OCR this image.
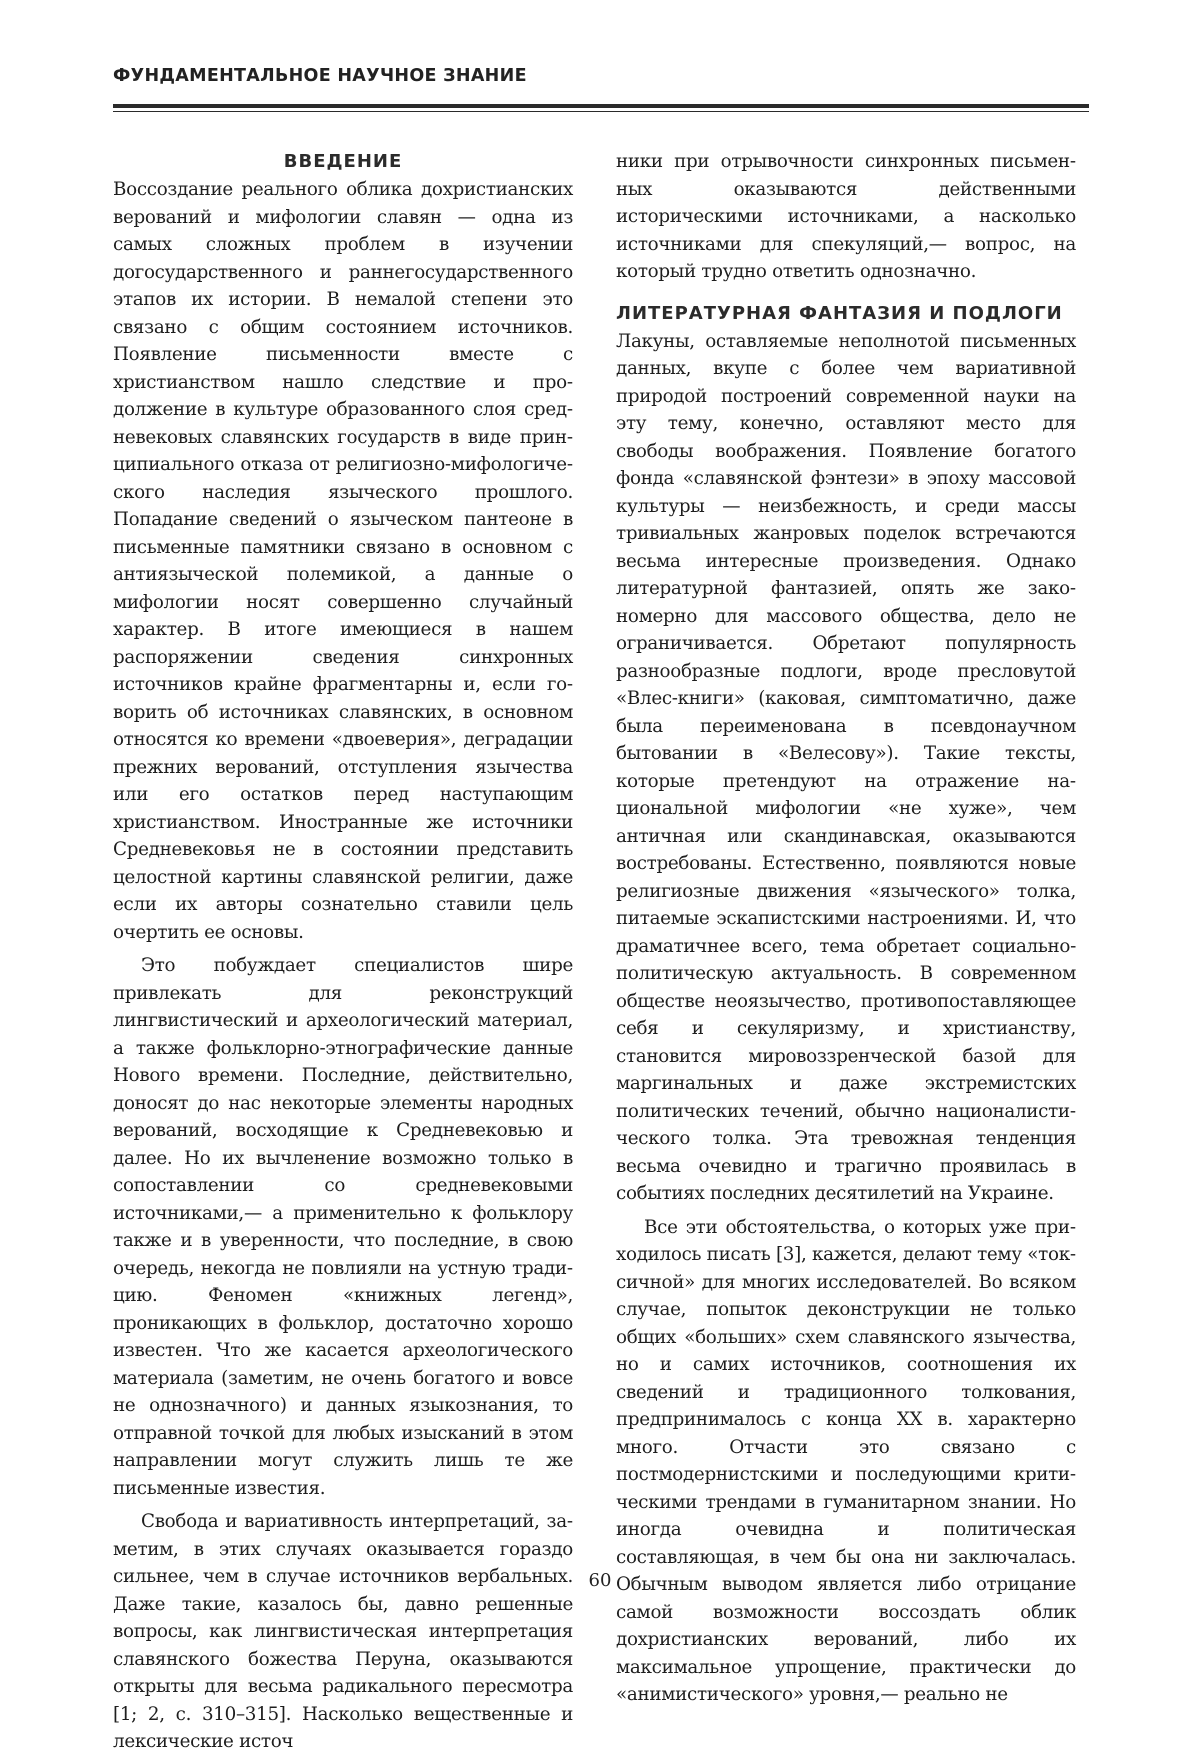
ФУНДАМЕНТАЛЬНОЕ НАУЧНОЕ ЗНАНИЕ
ВВЕДЕНИЕ

Воссоздание реального облика дохристианских верований и мифологии славян — одна из самых сложных проблем в изучении догосударственного и раннегосударственного этапов их истории. В немалой степени это связано с общим состоянием источников. Появление письменности вместе с христианством нашло следствие и продолжение в культуре образованного слоя средневековых славянских государств в виде принципиального отказа от религиозно-мифологического наследия языческого прошлого. Попадание сведений о языческом пантеоне в письменные памятники связано в основном с антиязыческой полемикой, а данные о мифологии носят совершенно случайный характер. В итоге имеющиеся в нашем распоряжении сведения синхронных источников крайне фрагментарны и, если говорить об источниках славянских, в основном относятся ко времени «двоеверия», деградации прежних верований, отступления язычества или его остатков перед наступающим христианством. Иностранные же источники Средневековья не в состоянии представить целостной картины славянской религии, даже если их авторы сознательно ставили цель очертить ее основы.

Это побуждает специалистов шире привлекать для реконструкций лингвистический и археологический материал, а также фольклорно-этнографические данные Нового времени. Последние, действительно, доносят до нас некоторые элементы народных верований, восходящие к Средневековью и далее. Но их вычленение возможно только в сопоставлении со средневековыми источниками,— а применительно к фольклору также и в уверенности, что последние, в свою очередь, некогда не повлияли на устную традицию. Феномен «книжных легенд», проникающих в фольклор, достаточно хорошо известен. Что же касается археологического материала (заметим, не очень богатого и вовсе не однозначного) и данных языкознания, то отправной точкой для любых изысканий в этом направлении могут служить лишь те же письменные известия.

Свобода и вариативность интерпретаций, заметим, в этих случаях оказывается гораздо сильнее, чем в случае источников вербальных. Даже такие, казалось бы, давно решенные вопросы, как лингвистическая интерпретация славянского божества Перуна, оказываются открыты для весьма радикального пересмотра [1; 2, с. 310–315]. Насколько вещественные и лексические источ

ники при отрывочности синхронных письменных оказываются действенными историческими источниками, а насколько источниками для спекуляций,— вопрос, на который трудно ответить однозначно.

ЛИТЕРАТУРНАЯ ФАНТАЗИЯ И ПОДЛОГИ

Лакуны, оставляемые неполнотой письменных данных, вкупе с более чем вариативной природой построений современной науки на эту тему, конечно, оставляют место для свободы воображения. Появление богатого фонда «славянской фэнтези» в эпоху массовой культуры — неизбежность, и среди массы тривиальных жанровых поделок встречаются весьма интересные произведения. Однако литературной фантазией, опять же закономерно для массового общества, дело не ограничивается. Обретают популярность разнообразные подлоги, вроде пресловутой «Влес-книги» (каковая, симптоматично, даже была переименована в псевдонаучном бытовании в «Велесову»). Такие тексты, которые претендуют на отражение национальной мифологии «не хуже», чем античная или скандинавская, оказываются востребованы. Естественно, появляются новые религиозные движения «языческого» толка, питаемые эскапистскими настроениями. И, что драматичнее всего, тема обретает социально-политическую актуальность. В современном обществе неоязычество, противопоставляющее себя и секуляризму, и христианству, становится мировоззренческой базой для маргинальных и даже экстремистских политических течений, обычно националистического толка. Эта тревожная тенденция весьма очевидно и трагично проявилась в событиях последних десятилетий на Украине.

Все эти обстоятельства, о которых уже приходилось писать [3], кажется, делают тему «токсичной» для многих исследователей. Во всяком случае, попыток деконструкции не только общих «больших» схем славянского язычества, но и самих источников, соотношения их сведений и традиционного толкования, предпринималось с конца XX в. характерно много. Отчасти это связано с постмодернистскими и последующими критическими трендами в гуманитарном знании. Но иногда очевидна и политическая составляющая, в чем бы она ни заключалась. Обычным выводом является либо отрицание самой возможности воссоздать облик дохристианских верований, либо их максимальное упрощение, практически до «анимистического» уровня,— реально не

60
